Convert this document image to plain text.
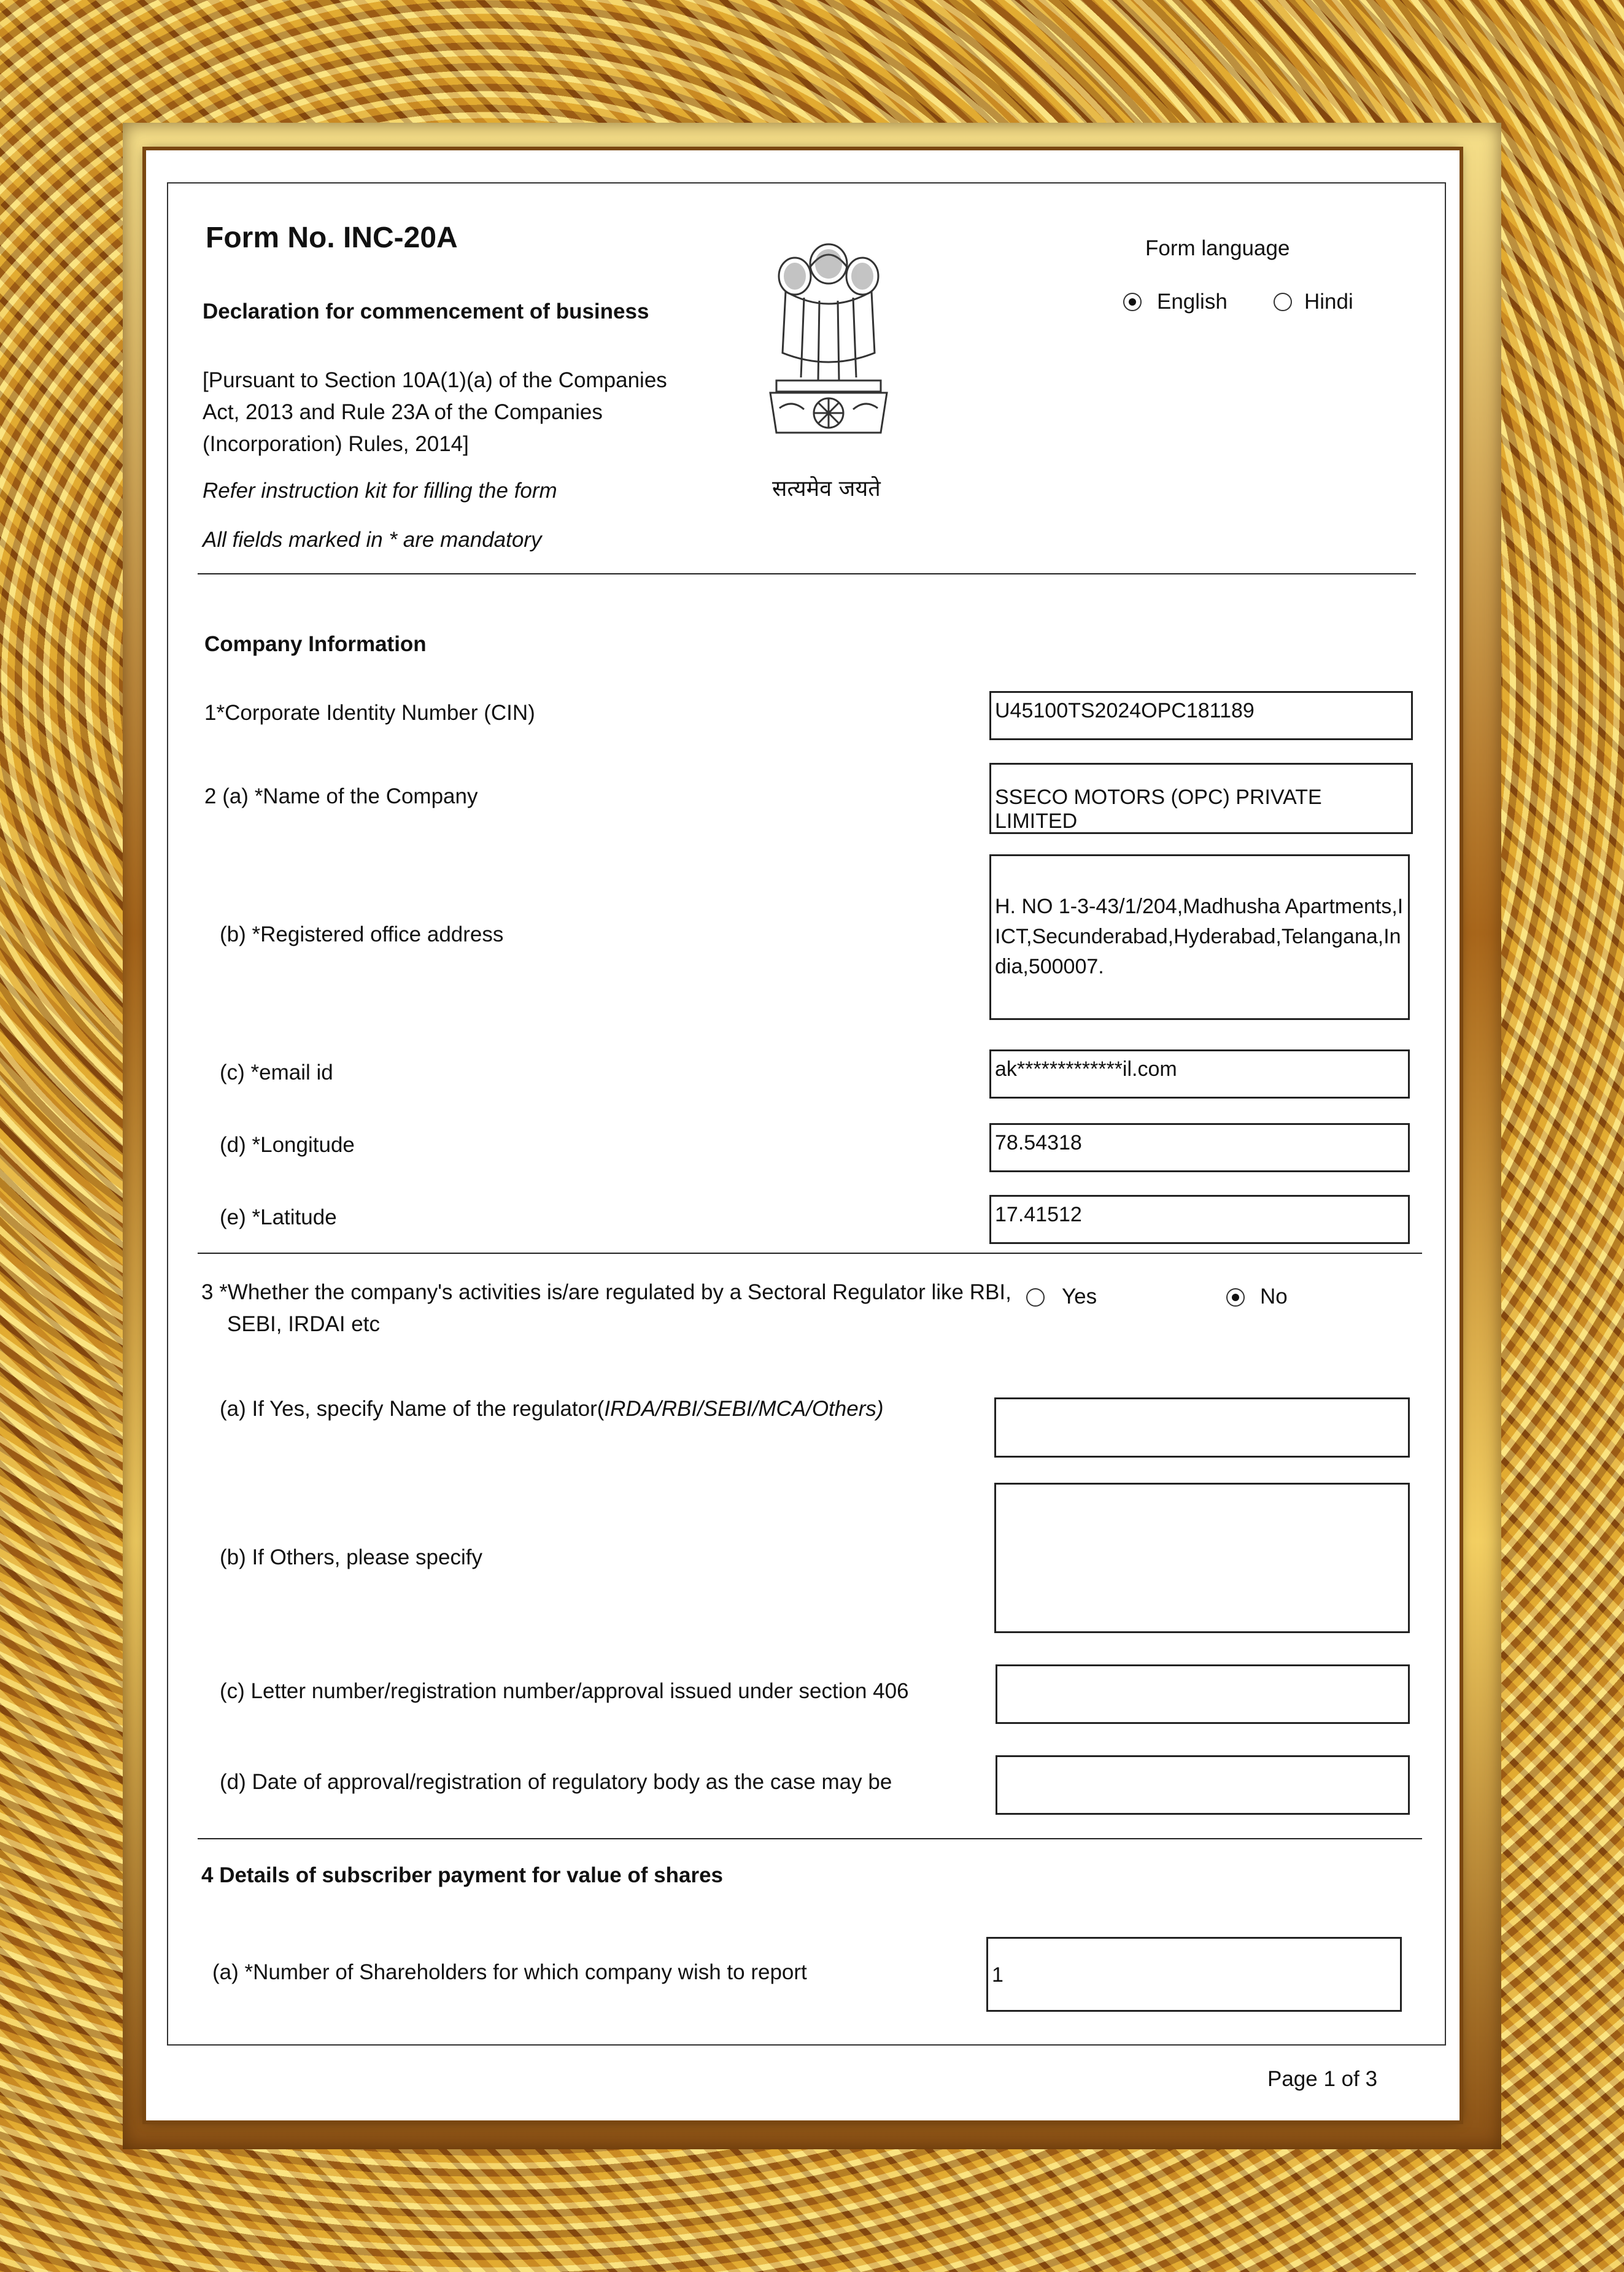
Form No. INC-20A
Declaration for commencement of business
[Pursuant to Section 10A(1)(a) of the Companies
Act, 2013 and Rule 23A of the Companies
(Incorporation) Rules, 2014]
Refer instruction kit for filling the form
All fields marked in * are mandatory
सत्यमेव जयते
Form language
English	Hindi
Company Information
1*Corporate Identity Number (CIN)	U45100TS2024OPC181189
2 (a) *Name of the Company	SSECO MOTORS (OPC) PRIVATE LIMITED
(b) *Registered office address
H. NO 1-3-43/1/204,Madhusha Apartments,IICT,Secunderabad,Hyderabad,Telangana,India,500007.
(c) *email id	ak*************il.com
(d) *Longitude	78.54318
(e) *Latitude	17.41512
3 *Whether the company's activities is/are regulated by a Sectoral Regulator like RBI,
SEBI, IRDAI etc
Yes	No
(a) If Yes, specify Name of the regulator(IRDA/RBI/SEBI/MCA/Others)
(b) If Others, please specify
(c) Letter number/registration number/approval issued under section 406
(d) Date of approval/registration of regulatory body as the case may be
4 Details of subscriber payment for value of shares
(a) *Number of Shareholders for which company wish to report	1
Page 1 of 3
